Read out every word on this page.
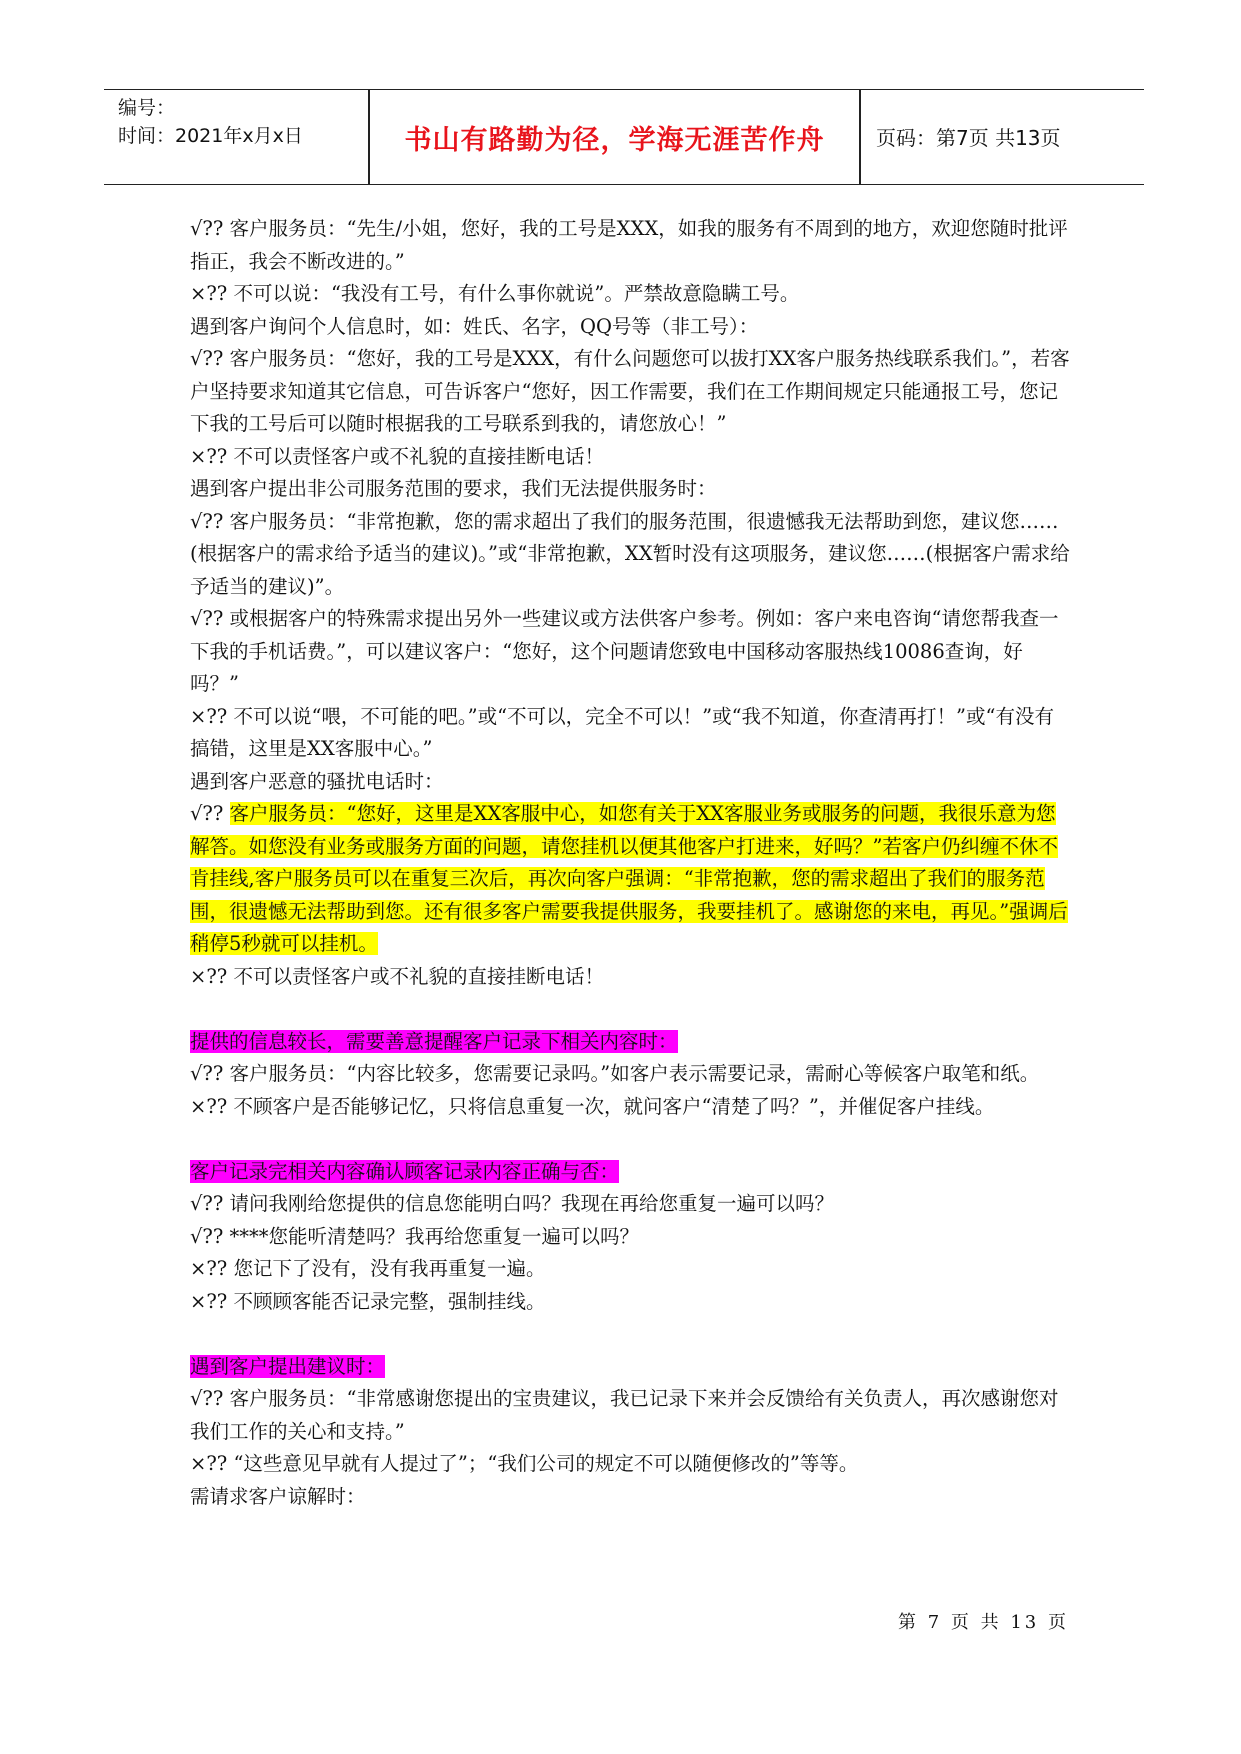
编号：
时间：2021年x月x日	书山有路勤为径，学海无涯苦作舟	页码：第7页 共13页

√?? 客户服务员：“先生/小姐，您好，我的工号是XXX，如我的服务有不周到的地方，欢迎您随时批评指正，我会不断改进的。”

×?? 不可以说：“我没有工号，有什么事你就说”。严禁故意隐瞒工号。

遇到客户询问个人信息时，如：姓氏、名字，QQ号等（非工号）：

√?? 客户服务员：“您好，我的工号是XXX，有什么问题您可以拔打XX客户服务热线联系我们。”，若客户坚持要求知道其它信息，可告诉客户“您好，因工作需要，我们在工作期间规定只能通报工号，您记下我的工号后可以随时根据我的工号联系到我的，请您放心！”

×?? 不可以责怪客户或不礼貌的直接挂断电话！

遇到客户提出非公司服务范围的要求，我们无法提供服务时：

√?? 客户服务员：“非常抱歉，您的需求超出了我们的服务范围，很遗憾我无法帮助到您，建议您……(根据客户的需求给予适当的建议)。”或“非常抱歉，XX暂时没有这项服务，建议您……(根据客户需求给予适当的建议)”。

√?? 或根据客户的特殊需求提出另外一些建议或方法供客户参考。例如：客户来电咨询“请您帮我查一下我的手机话费。”，可以建议客户：“您好，这个问题请您致电中国移动客服热线10086查询，好吗？”

×?? 不可以说“喂，不可能的吧。”或“不可以，完全不可以！”或“我不知道，你查清再打！”或“有没有搞错，这里是XX客服中心。”

遇到客户恶意的骚扰电话时：

√?? 客户服务员：“您好，这里是XX客服中心，如您有关于XX客服业务或服务的问题，我很乐意为您解答。如您没有业务或服务方面的问题，请您挂机以便其他客户打进来，好吗？”若客户仍纠缠不休不肯挂线,客户服务员可以在重复三次后，再次向客户强调：“非常抱歉，您的需求超出了我们的服务范围，很遗憾无法帮助到您。还有很多客户需要我提供服务，我要挂机了。感谢您的来电，再见。”强调后稍停5秒就可以挂机。

×?? 不可以责怪客户或不礼貌的直接挂断电话！

提供的信息较长，需要善意提醒客户记录下相关内容时：

√?? 客户服务员：“内容比较多，您需要记录吗。”如客户表示需要记录，需耐心等候客户取笔和纸。

×?? 不顾客户是否能够记忆，只将信息重复一次，就问客户“清楚了吗？”，并催促客户挂线。

客户记录完相关内容确认顾客记录内容正确与否：

√?? 请问我刚给您提供的信息您能明白吗？我现在再给您重复一遍可以吗？

√?? ****您能听清楚吗？我再给您重复一遍可以吗？

×?? 您记下了没有，没有我再重复一遍。

×?? 不顾顾客能否记录完整，强制挂线。

遇到客户提出建议时：

√?? 客户服务员：“非常感谢您提出的宝贵建议，我已记录下来并会反馈给有关负责人，再次感谢您对我们工作的关心和支持。”

×?? “这些意见早就有人提过了”；“我们公司的规定不可以随便修改的”等等。

需请求客户谅解时：

第 7 页 共 13 页
